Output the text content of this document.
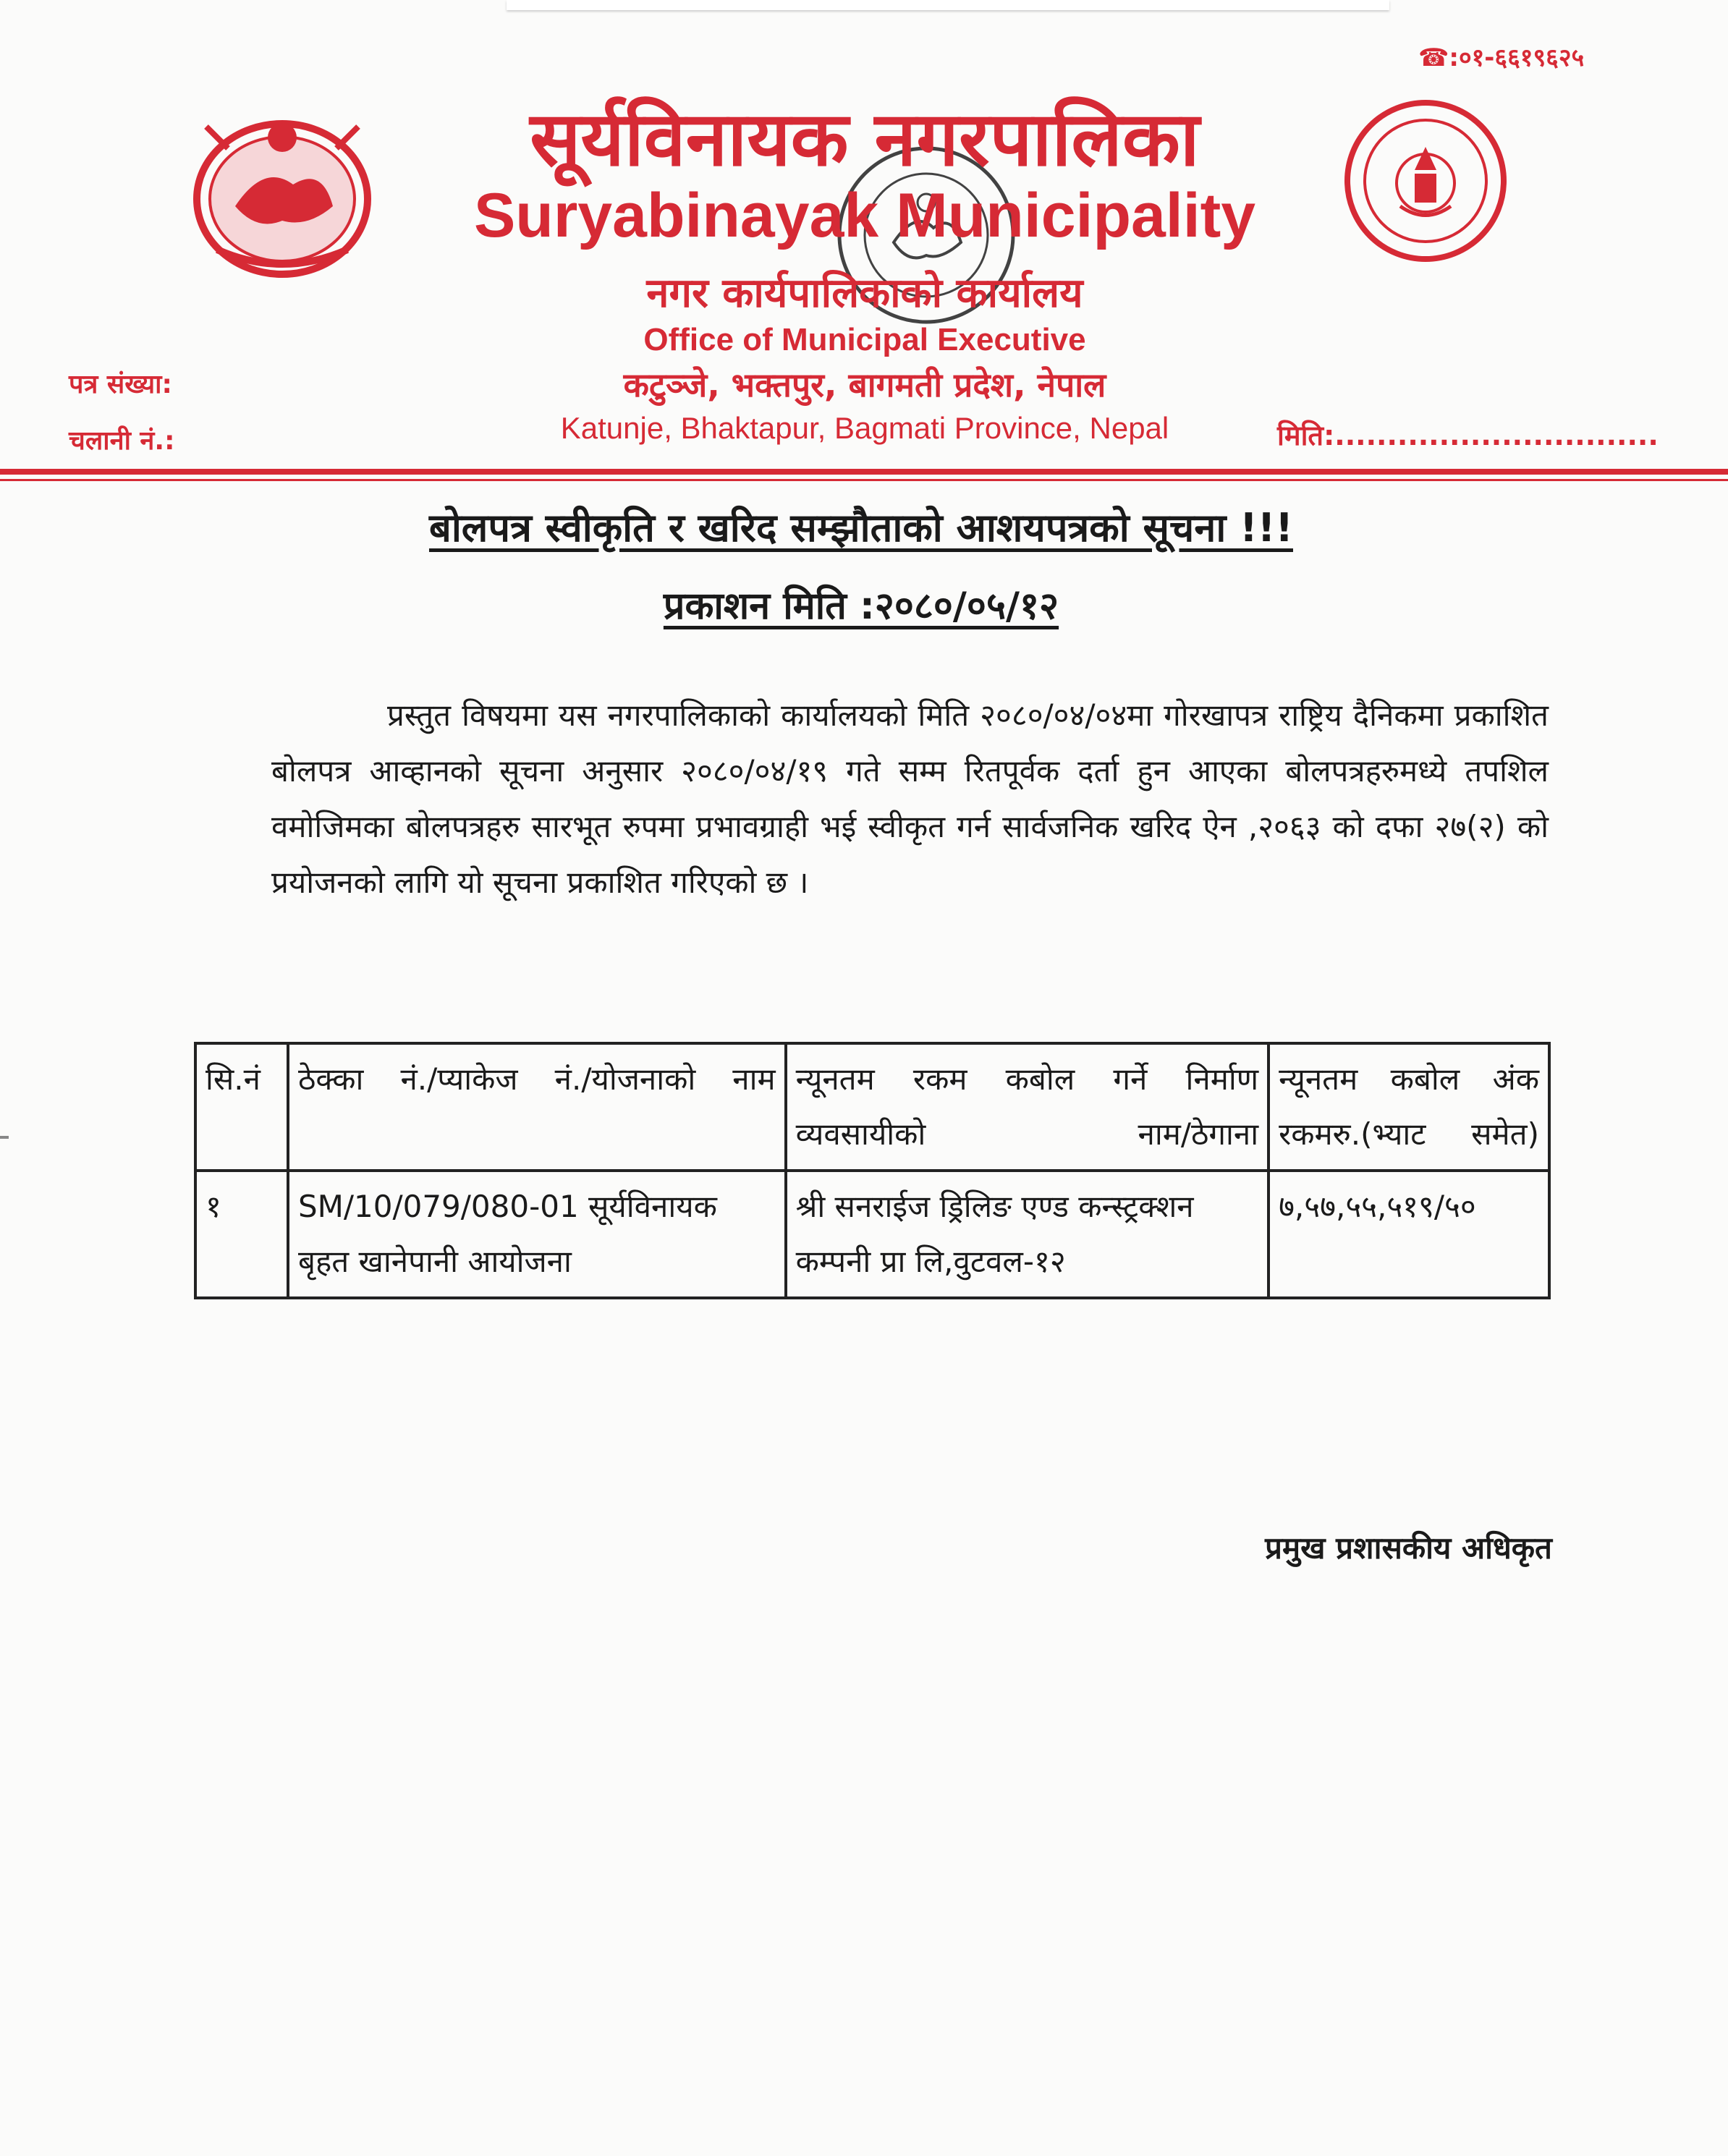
☎:०१-६६१९६२५
सूर्यविनायक नगरपालिका
Suryabinayak Municipality
नगर कार्यपालिकाको कार्यालय
Office of Municipal Executive
कटुञ्जे, भक्तपुर, बागमती प्रदेश, नेपाल
Katunje, Bhaktapur, Bagmati Province, Nepal
पत्र संख्या:
चलानी नं.:	मिति:...............................
बोलपत्र स्वीकृति र खरिद सम्झौताको आशयपत्रको सूचना !!!
प्रकाशन मिति :२०८०/०५/१२
प्रस्तुत विषयमा यस नगरपालिकाको कार्यालयको मिति २०८०/०४/०४मा गोरखापत्र राष्ट्रिय दैनिकमा प्रकाशित बोलपत्र आव्हानको सूचना अनुसार २०८०/०४/१९ गते सम्म रितपूर्वक दर्ता हुन आएका बोलपत्रहरुमध्ये तपशिल वमोजिमका बोलपत्रहरु सारभूत रुपमा प्रभावग्राही भई स्वीकृत गर्न सार्वजनिक खरिद ऐन ,२०६३ को दफा २७(२) को प्रयोजनको लागि यो सूचना प्रकाशित गरिएको छ ।
सि.नं	ठेक्का नं./प्याकेज नं./योजनाको नाम	न्यूनतम रकम कबोल गर्ने निर्माण व्यवसायीको नाम/ठेगाना	न्यूनतम कबोल अंक रकमरु.(भ्याट समेत)
१	SM/10/079/080-01 सूर्यविनायक बृहत खानेपानी आयोजना	श्री सनराईज ड्रिलिङ एण्ड कन्स्ट्रक्शन कम्पनी प्रा लि,वुटवल-१२	७,५७,५५,५१९/५०
प्रमुख प्रशासकीय अधिकृत
